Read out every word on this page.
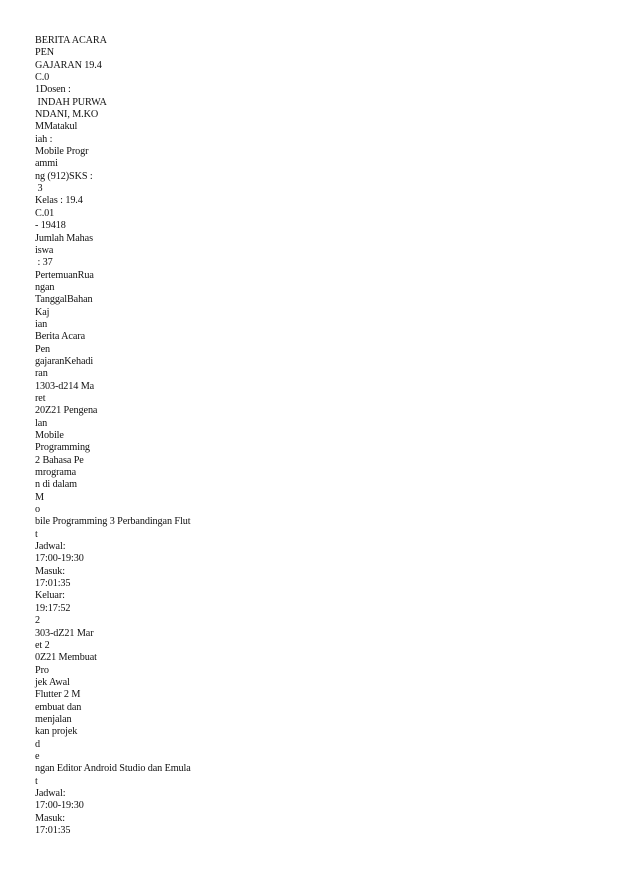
BERITA ACARA
PEN
GAJARAN 19.4
C.0
1Dosen :
INDAH PURWA
NDANI, M.KO
MMatakul
iah :
Mobile Progr
ammi
ng (912)SKS :
3
Kelas : 19.4
C.01
- 19418
Jumlah Mahas
iswa
: 37
PertemuanRua
ngan
TanggalBahan
Kaj
ian
Berita Acara
Pen
gajaranKehadi
ran
1303-d214 Ma
ret
20Z21 Pengena
lan
Mobile
Programming
2 Bahasa Pe
mrograma
n di dalam
M
o
bile Programming 3 Perbandingan Flut
t
Jadwal:
17:00-19:30
Masuk:
17:01:35
Keluar:
19:17:52
2
303-dZ21 Mar
et 2
0Z21 Membuat
Pro
jek Awal
Flutter 2 M
embuat dan
menjalan
kan projek
d
e
ngan Editor Android Studio dan Emula
t
Jadwal:
17:00-19:30
Masuk:
17:01:35
